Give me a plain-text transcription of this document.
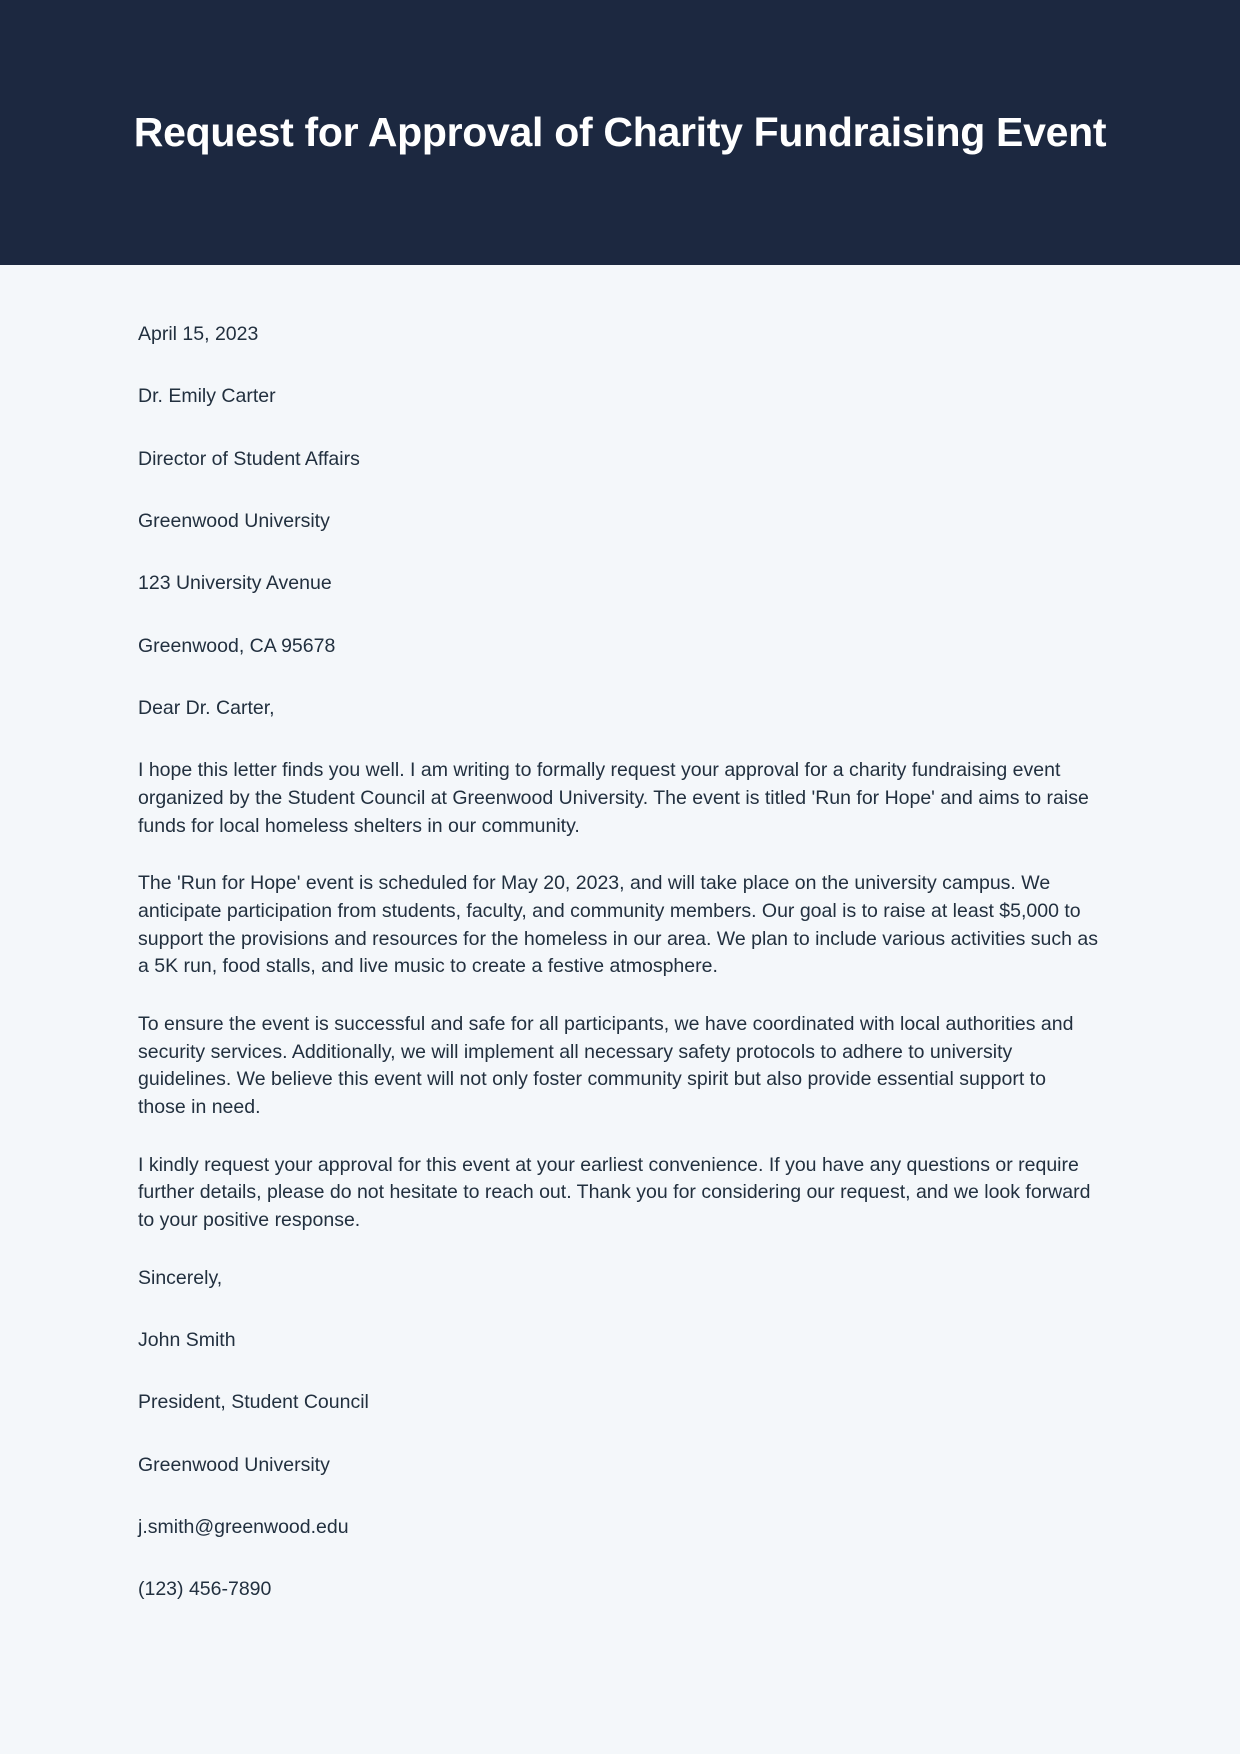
Request for Approval of Charity Fundraising Event

April 15, 2023

Dr. Emily Carter

Director of Student Affairs

Greenwood University

123 University Avenue

Greenwood, CA 95678

Dear Dr. Carter,

I hope this letter finds you well. I am writing to formally request your approval for a charity fundraising event organized by the Student Council at Greenwood University. The event is titled 'Run for Hope' and aims to raise funds for local homeless shelters in our community.

The 'Run for Hope' event is scheduled for May 20, 2023, and will take place on the university campus. We anticipate participation from students, faculty, and community members. Our goal is to raise at least $5,000 to support the provisions and resources for the homeless in our area. We plan to include various activities such as a 5K run, food stalls, and live music to create a festive atmosphere.

To ensure the event is successful and safe for all participants, we have coordinated with local authorities and security services. Additionally, we will implement all necessary safety protocols to adhere to university guidelines. We believe this event will not only foster community spirit but also provide essential support to those in need.

I kindly request your approval for this event at your earliest convenience. If you have any questions or require further details, please do not hesitate to reach out. Thank you for considering our request, and we look forward to your positive response.

Sincerely,

John Smith

President, Student Council

Greenwood University

j.smith@greenwood.edu

(123) 456-7890
